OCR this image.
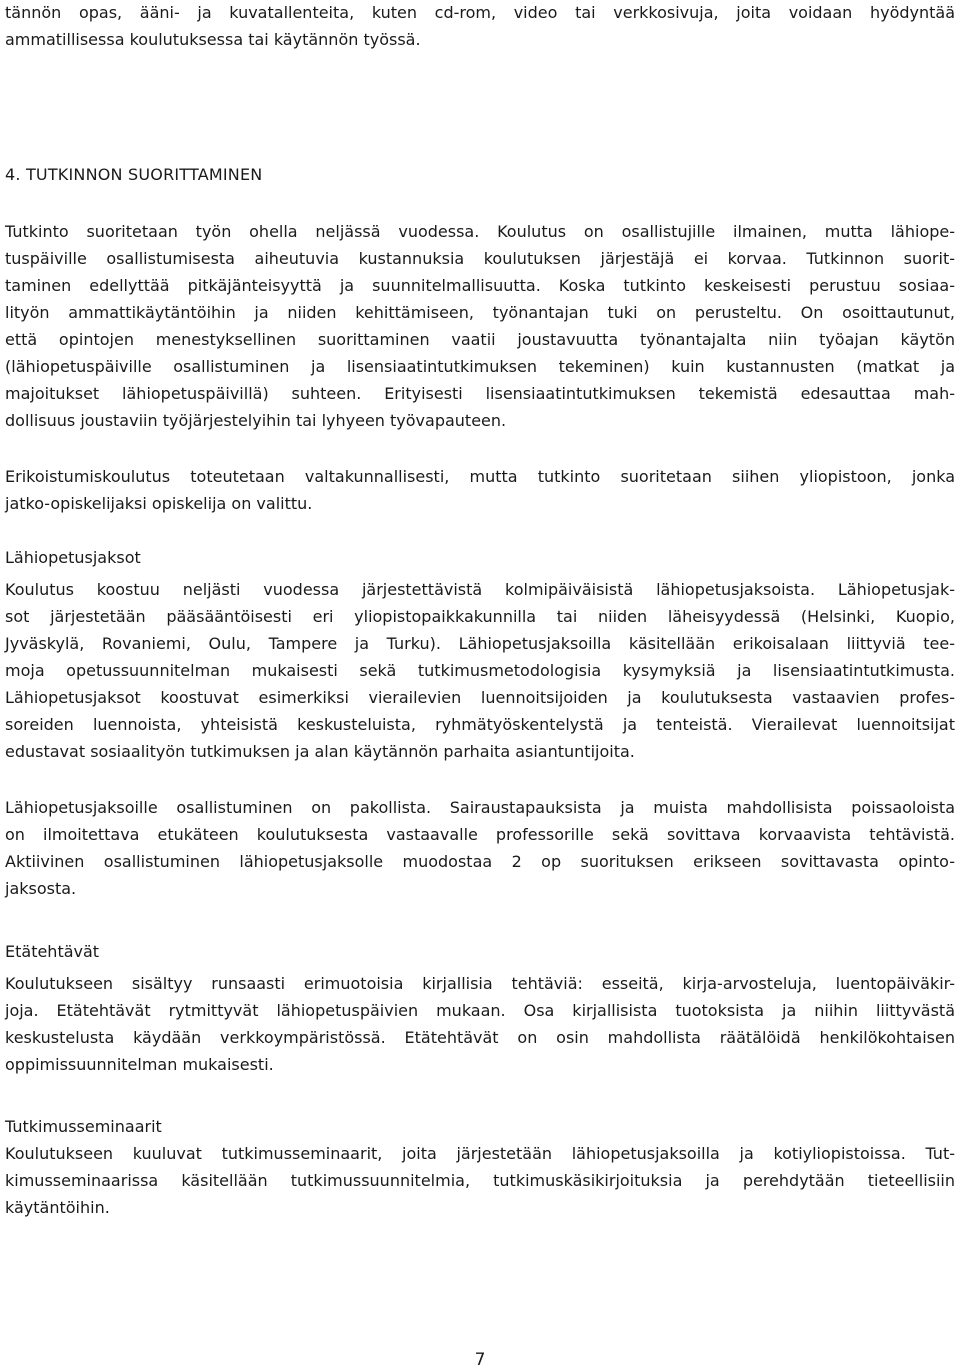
tännön opas, ääni- ja kuvatallenteita, kuten cd-rom, video tai verkkosivuja, joita voidaan hyödyntää

ammatillisessa koulutuksessa tai käytännön työssä.

4. TUTKINNON SUORITTAMINEN

Tutkinto suoritetaan työn ohella neljässä vuodessa. Koulutus on osallistujille ilmainen, mutta lähiope-

tuspäiville osallistumisesta aiheutuvia kustannuksia koulutuksen järjestäjä ei korvaa. Tutkinnon suorit-

taminen edellyttää pitkäjänteisyyttä ja suunnitelmallisuutta. Koska tutkinto keskeisesti perustuu sosiaa-

lityön ammattikäytäntöihin ja niiden kehittämiseen, työnantajan tuki on perusteltu. On osoittautunut,

että opintojen menestyksellinen suorittaminen vaatii joustavuutta työnantajalta niin työajan käytön

(lähiopetuspäiville osallistuminen ja lisensiaatintutkimuksen tekeminen) kuin kustannusten (matkat ja

majoitukset lähiopetuspäivillä) suhteen. Erityisesti lisensiaatintutkimuksen tekemistä edesauttaa mah-

dollisuus joustaviin työjärjestelyihin tai lyhyeen työvapauteen.

Erikoistumiskoulutus toteutetaan valtakunnallisesti, mutta tutkinto suoritetaan siihen yliopistoon, jonka

jatko-opiskelijaksi opiskelija on valittu.

Lähiopetusjaksot

Koulutus koostuu neljästi vuodessa järjestettävistä kolmipäiväisistä lähiopetusjaksoista. Lähiopetusjak-

sot järjestetään pääsääntöisesti eri yliopistopaikkakunnilla tai niiden läheisyydessä (Helsinki, Kuopio,

Jyväskylä, Rovaniemi, Oulu, Tampere ja Turku). Lähiopetusjaksoilla käsitellään erikoisalaan liittyviä tee-

moja opetussuunnitelman mukaisesti sekä tutkimusmetodologisia kysymyksiä ja lisensiaatintutkimusta.

Lähiopetusjaksot koostuvat esimerkiksi vierailevien luennoitsijoiden ja koulutuksesta vastaavien profes-

soreiden luennoista, yhteisistä keskusteluista, ryhmätyöskentelystä ja tenteistä. Vierailevat luennoitsijat

edustavat sosiaalityön tutkimuksen ja alan käytännön parhaita asiantuntijoita.

Lähiopetusjaksoille osallistuminen on pakollista. Sairaustapauksista ja muista mahdollisista poissaoloista

on ilmoitettava etukäteen koulutuksesta vastaavalle professorille sekä sovittava korvaavista tehtävistä.

Aktiivinen osallistuminen lähiopetusjaksolle muodostaa 2 op suorituksen erikseen sovittavasta opinto-

jaksosta.

Etätehtävät

Koulutukseen sisältyy runsaasti erimuotoisia kirjallisia tehtäviä: esseitä, kirja-arvosteluja, luentopäiväkir-

joja. Etätehtävät rytmittyvät lähiopetuspäivien mukaan. Osa kirjallisista tuotoksista ja niihin liittyvästä

keskustelusta käydään verkkoympäristössä. Etätehtävät on osin mahdollista räätälöidä henkilökohtaisen

oppimissuunnitelman mukaisesti.

Tutkimusseminaarit

Koulutukseen kuuluvat tutkimusseminaarit, joita järjestetään lähiopetusjaksoilla ja kotiyliopistoissa. Tut-

kimusseminaarissa käsitellään tutkimussuunnitelmia, tutkimuskäsikirjoituksia ja perehdytään tieteellisiin

käytäntöihin.

7
